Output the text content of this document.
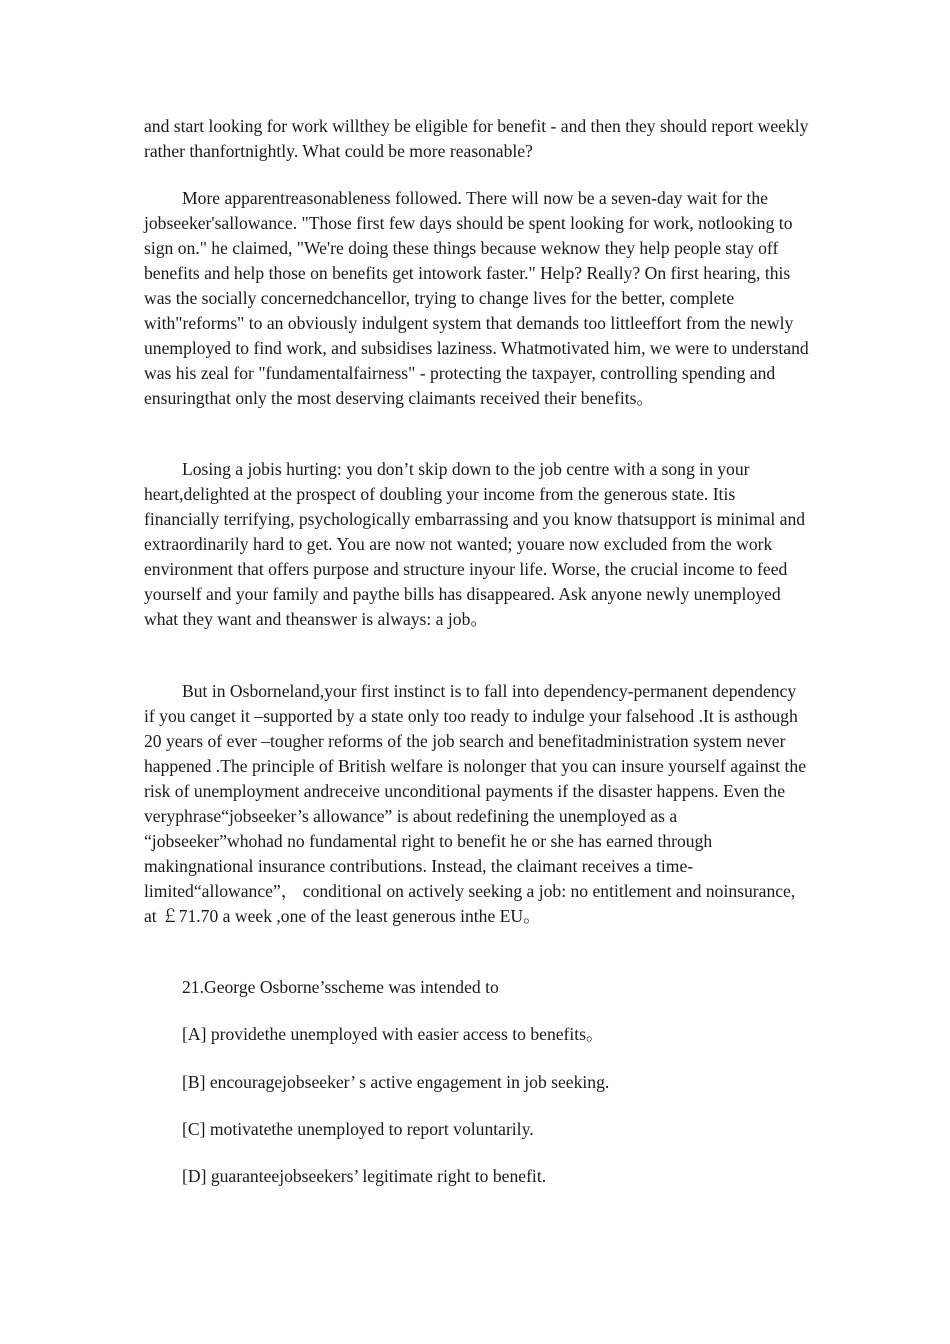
and start looking for work willthey be eligible for benefit - and then they should report weekly rather thanfortnightly. What could be more reasonable?

More apparentreasonableness followed. There will now be a seven-day wait for the jobseeker'sallowance. "Those first few days should be spent looking for work, notlooking to sign on." he claimed, "We're doing these things because weknow they help people stay off benefits and help those on benefits get intowork faster." Help? Really? On first hearing, this was the socially concernedchancellor, trying to change lives for the better, complete with"reforms" to an obviously indulgent system that demands too littleeffort from the newly unemployed to find work, and subsidises laziness. Whatmotivated him, we were to understand was his zeal for "fundamentalfairness" - protecting the taxpayer, controlling spending and ensuringthat only the most deserving claimants received their benefits。

Losing a jobis hurting: you don’t skip down to the job centre with a song in your heart,delighted at the prospect of doubling your income from the generous state. Itis financially terrifying, psychologically embarrassing and you know thatsupport is minimal and extraordinarily hard to get. You are now not wanted; youare now excluded from the work environment that offers purpose and structure inyour life. Worse, the crucial income to feed yourself and your family and paythe bills has disappeared. Ask anyone newly unemployed what they want and theanswer is always: a job。

But in Osborneland,your first instinct is to fall into dependency-permanent dependency if you canget it –supported by a state only too ready to indulge your falsehood .It is asthough 20 years of ever –tougher reforms of the job search and benefitadministration system never happened .The principle of British welfare is nolonger that you can insure yourself against the risk of unemployment andreceive unconditional payments if the disaster happens. Even the veryphrase“jobseeker’s allowance” is about redefining the unemployed as a “jobseeker”whohad no fundamental right to benefit he or she has earned through makingnational insurance contributions. Instead, the claimant receives a time-limited“allowance”， conditional on actively seeking a job: no entitlement and noinsurance, at ￡71.70 a week ,one of the least generous inthe EU。

21.George Osborne’sscheme was intended to

[A] providethe unemployed with easier access to benefits。

[B] encouragejobseeker’ s active engagement in job seeking.

[C] motivatethe unemployed to report voluntarily.

[D] guaranteejobseekers’ legitimate right to benefit.
